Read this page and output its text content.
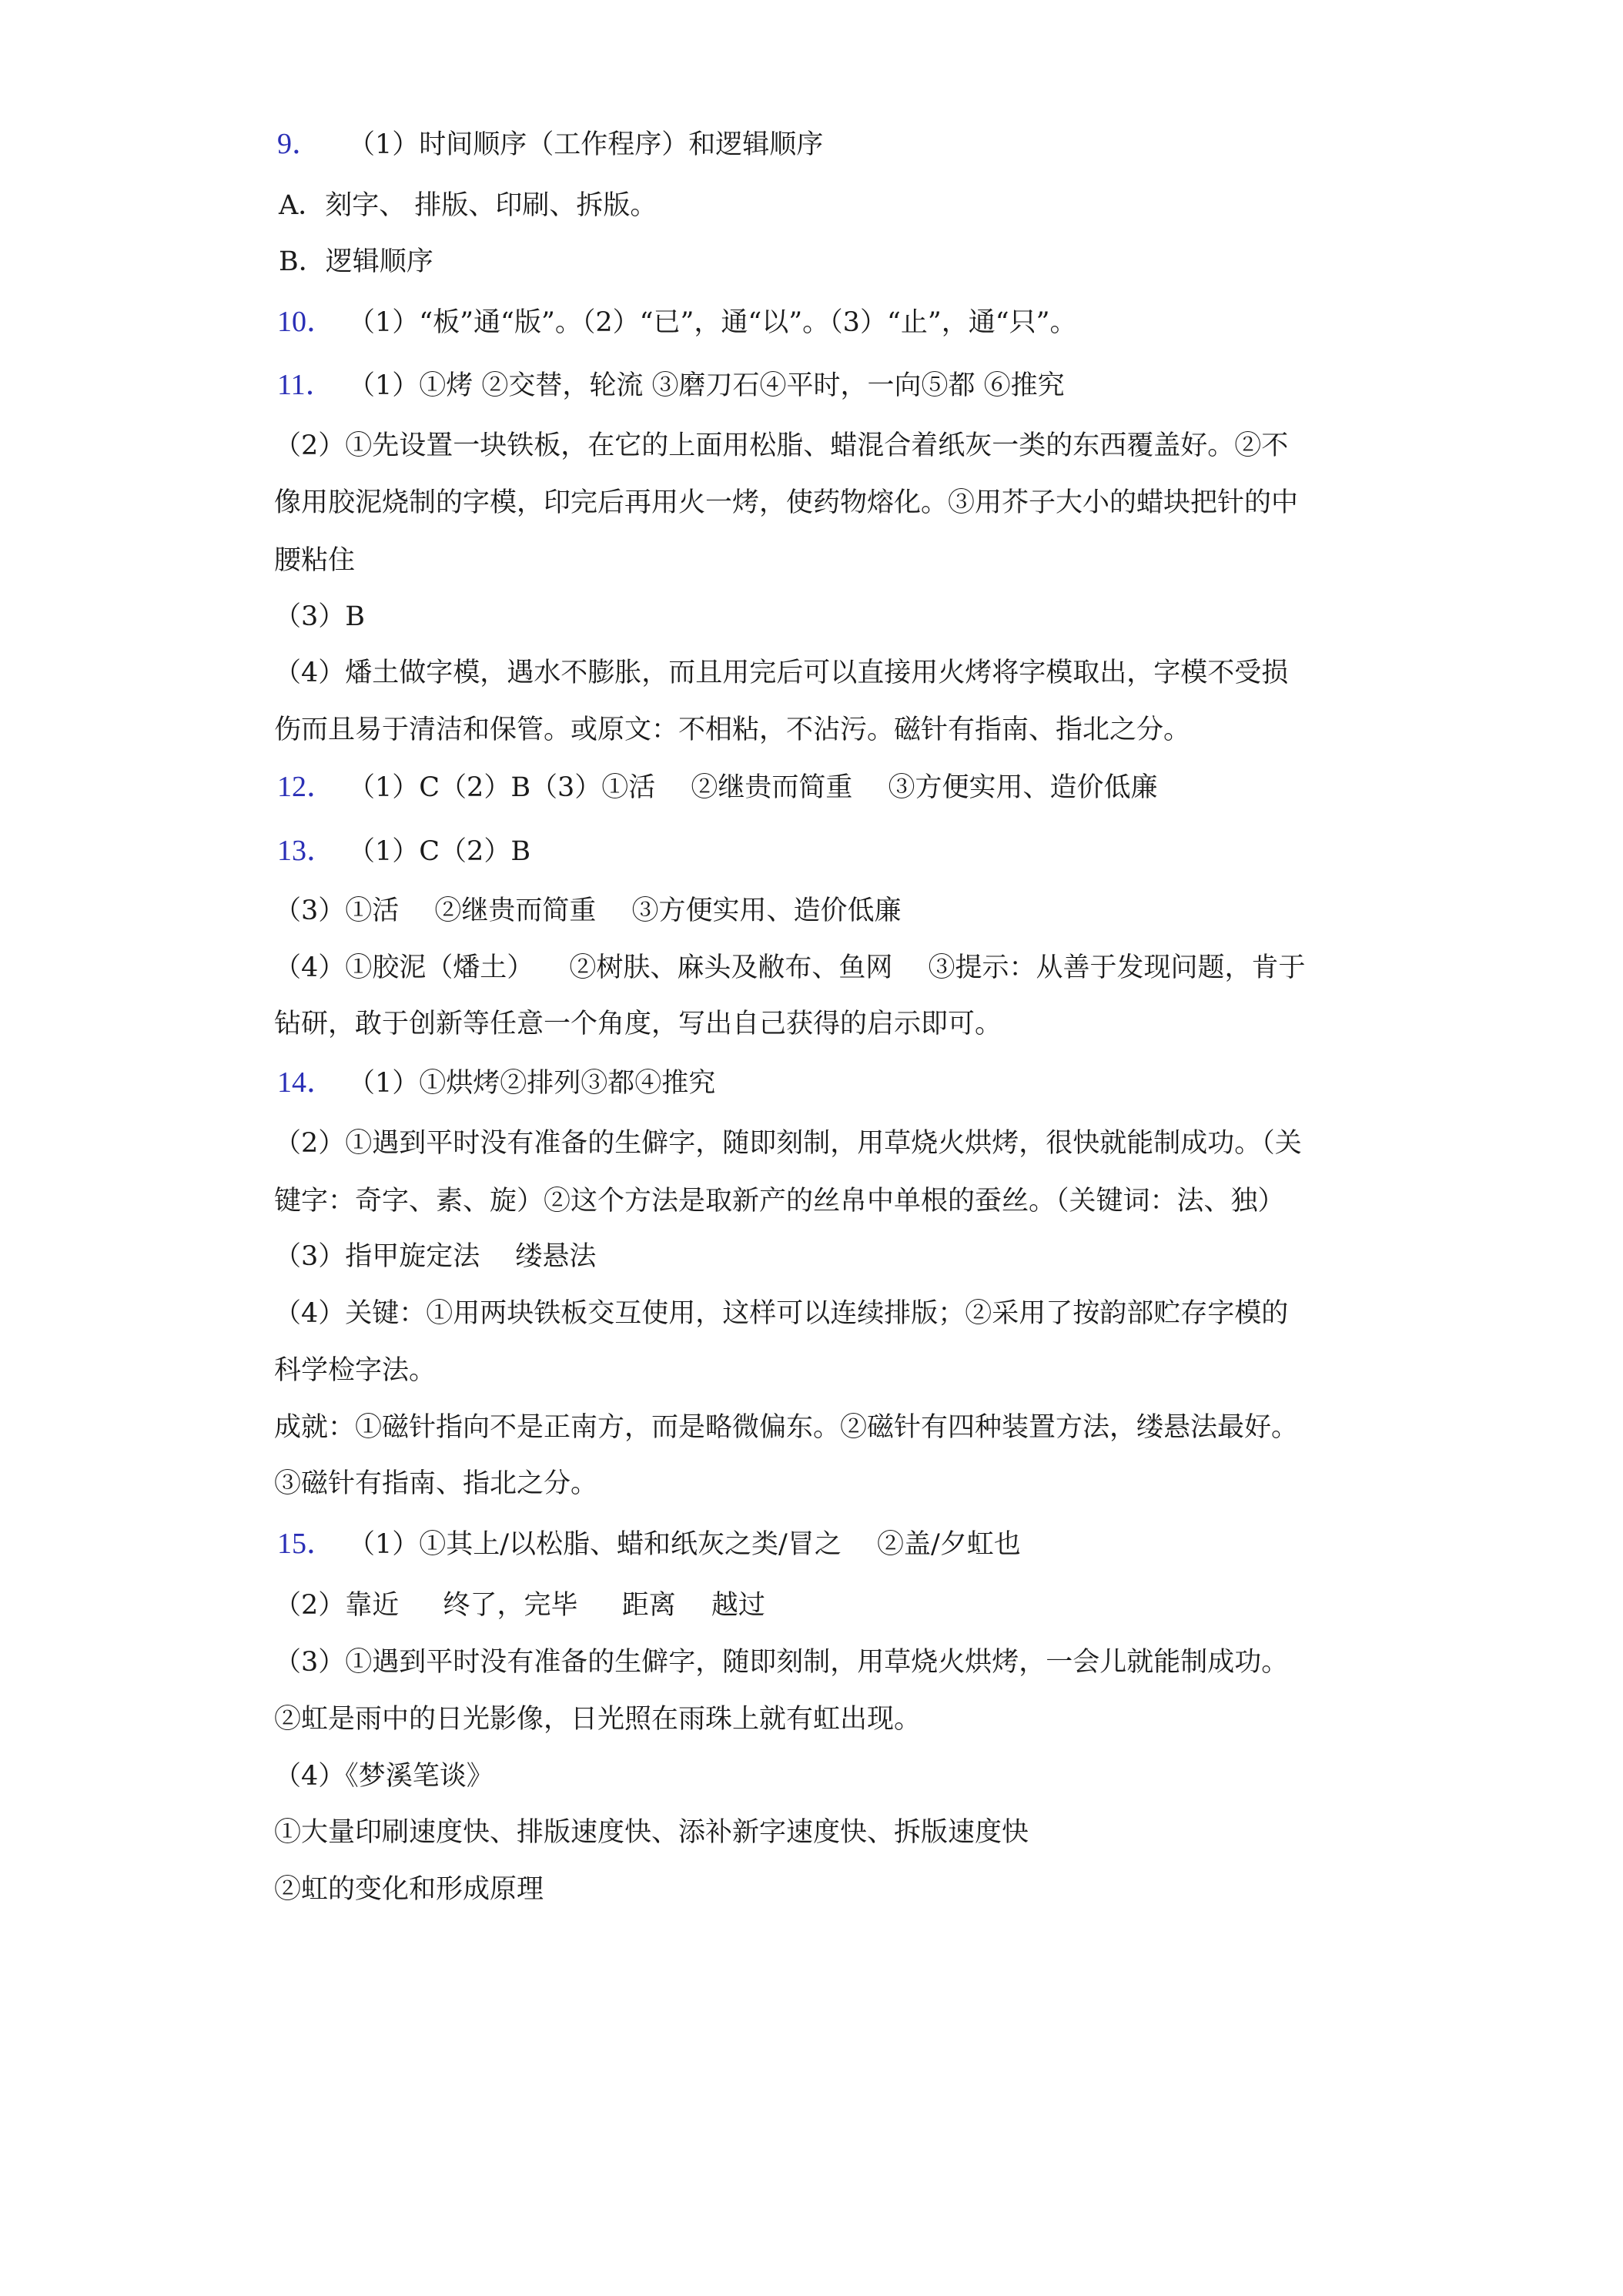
9． （1）时间顺序（工作程序）和逻辑顺序
A．刻字、 排版、印刷、拆版。
B．逻辑顺序
10． （1）“板”通“版”。（2）“已”，通“以”。（3）“止”，通“只”。
11． （1）①烤 ②交替，轮流 ③磨刀石④平时，一向⑤都 ⑥推究
（2）①先设置一块铁板，在它的上面用松脂、蜡混合着纸灰一类的东西覆盖好。②不
像用胶泥烧制的字模，印完后再用火一烤，使药物熔化。③用芥子大小的蜡块把针的中
腰粘住
（3）B
（4）燔土做字模，遇水不膨胀，而且用完后可以直接用火烤将字模取出，字模不受损
伤而且易于清洁和保管。或原文：不相粘，不沾污。磁针有指南、指北之分。
12． （1）C（2）B（3）①活 　②继贵而简重 　③方便实用、造价低廉
13． （1）C（2）B
（3）①活 　②继贵而简重 　③方便实用、造价低廉
（4）①胶泥（燔土） 　②树肤、麻头及敝布、鱼网 　③提示：从善于发现问题，肯于
钻研，敢于创新等任意一个角度，写出自己获得的启示即可。
14． （1）①烘烤②排列③都④推究
（2）①遇到平时没有准备的生僻字，随即刻制，用草烧火烘烤，很快就能制成功。（关
键字：奇字、素、旋）②这个方法是取新产的丝帛中单根的蚕丝。（关键词：法、独）
（3）指甲旋定法 　缕悬法
（4）关键：①用两块铁板交互使用，这样可以连续排版；②采用了按韵部贮存字模的
科学检字法。
成就：①磁针指向不是正南方，而是略微偏东。②磁针有四种装置方法，缕悬法最好。
③磁针有指南、指北之分。
15． （1）①其上/以松脂、蜡和纸灰之类/冒之 　②盖/夕虹也
（2）靠近 　 终了，完毕 　 距离 　越过
（3）①遇到平时没有准备的生僻字，随即刻制，用草烧火烘烤，一会儿就能制成功。
②虹是雨中的日光影像，日光照在雨珠上就有虹出现。
（4）《梦溪笔谈》
①大量印刷速度快、排版速度快、添补新字速度快、拆版速度快
②虹的变化和形成原理
